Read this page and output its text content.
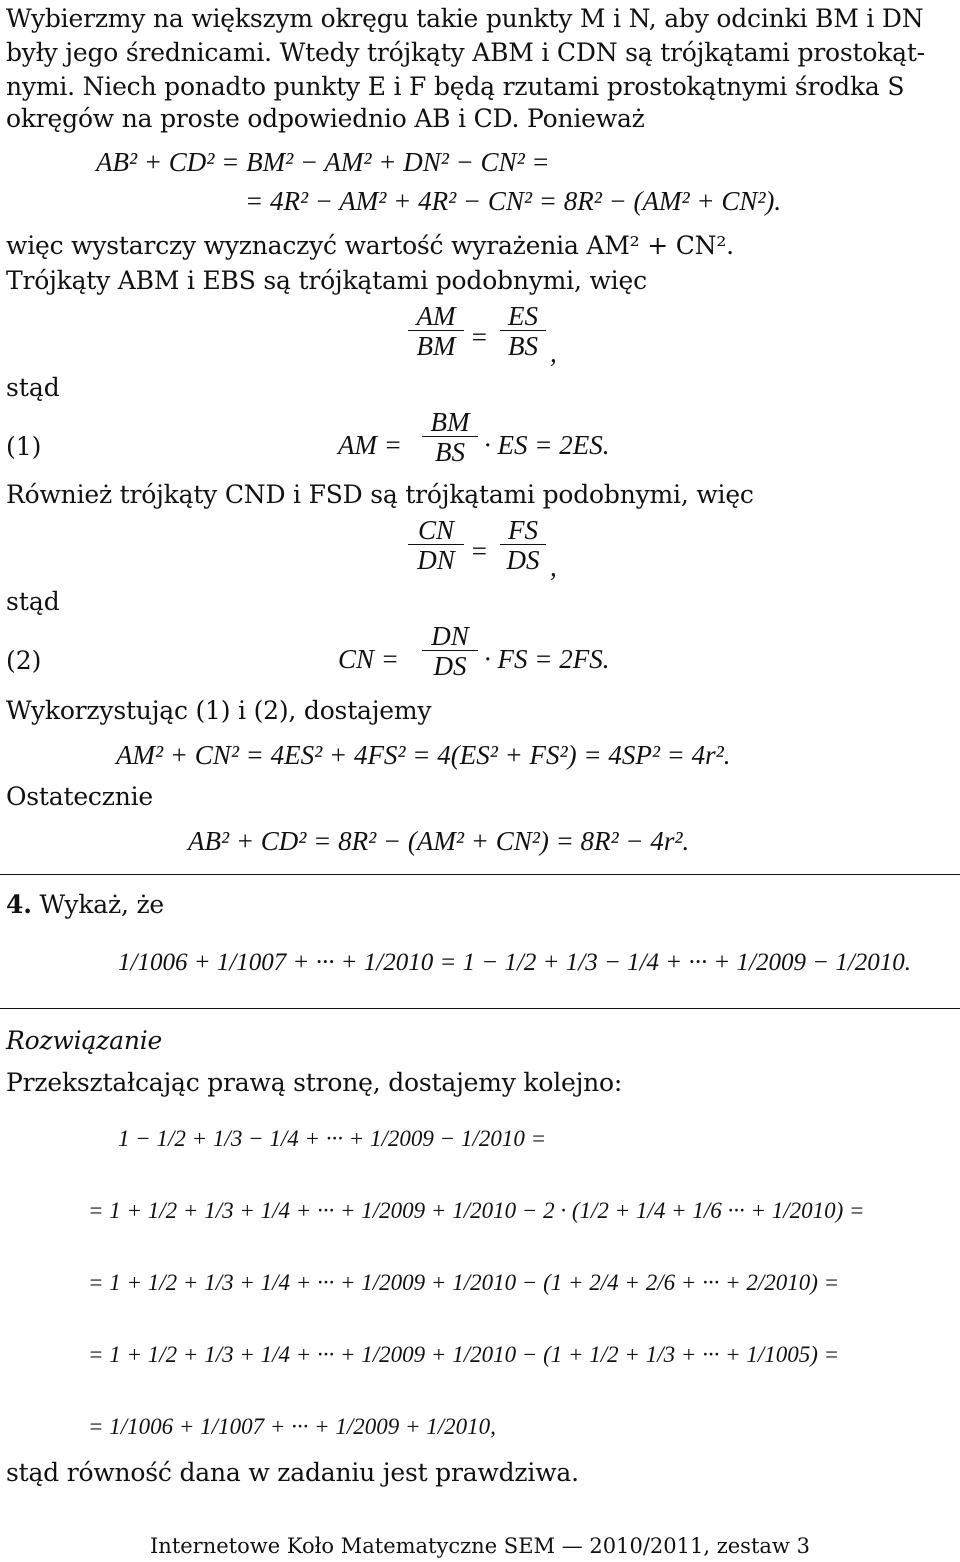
Wybierzmy na większym okręgu takie punkty M i N, aby odcinki BM i DN
były jego średnicami. Wtedy trójkąty ABM i CDN są trójkątami prostokąt-
nymi. Niech ponadto punkty E i F będą rzutami prostokątnymi środka S
okręgów na proste odpowiednio AB i CD. Ponieważ
AB² + CD² = BM² − AM² + DN² − CN² =
= 4R² − AM² + 4R² − CN² = 8R² − (AM² + CN²).
więc wystarczy wyznaczyć wartość wyrażenia AM² + CN².
Trójkąty ABM i EBS są trójkątami podobnymi, więc
$\frac{AM}{BM} = \frac{ES}{BS}$ ,
stąd
(1)	AM = $\frac{BM}{BS}$ · ES = 2ES.
Również trójkąty CND i FSD są trójkątami podobnymi, więc
$\frac{CN}{DN} = \frac{FS}{DS}$ ,
stąd
(2)	CN = $\frac{DN}{DS}$ · FS = 2FS.
Wykorzystując (1) i (2), dostajemy
AM² + CN² = 4ES² + 4FS² = 4(ES² + FS²) = 4SP² = 4r².
Ostatecznie
AB² + CD² = 8R² − (AM² + CN²) = 8R² − 4r².
4. Wykaż, że
1/1006 + 1/1007 + ··· + 1/2010 = 1 − 1/2 + 1/3 − 1/4 + ··· + 1/2009 − 1/2010.
Rozwiązanie
Przekształcając prawą stronę, dostajemy kolejno:
1 − 1/2 + 1/3 − 1/4 + ··· + 1/2009 − 1/2010 =
= 1 + 1/2 + 1/3 + 1/4 + ··· + 1/2009 + 1/2010 − 2 · (1/2 + 1/4 + 1/6 ··· + 1/2010) =
= 1 + 1/2 + 1/3 + 1/4 + ··· + 1/2009 + 1/2010 − (1 + 2/4 + 2/6 + ··· + 2/2010) =
= 1 + 1/2 + 1/3 + 1/4 + ··· + 1/2009 + 1/2010 − (1 + 1/2 + 1/3 + ··· + 1/1005) =
= 1/1006 + 1/1007 + ··· + 1/2009 + 1/2010,
stąd równość dana w zadaniu jest prawdziwa.
Internetowe Koło Matematyczne SEM — 2010/2011, zestaw 3
